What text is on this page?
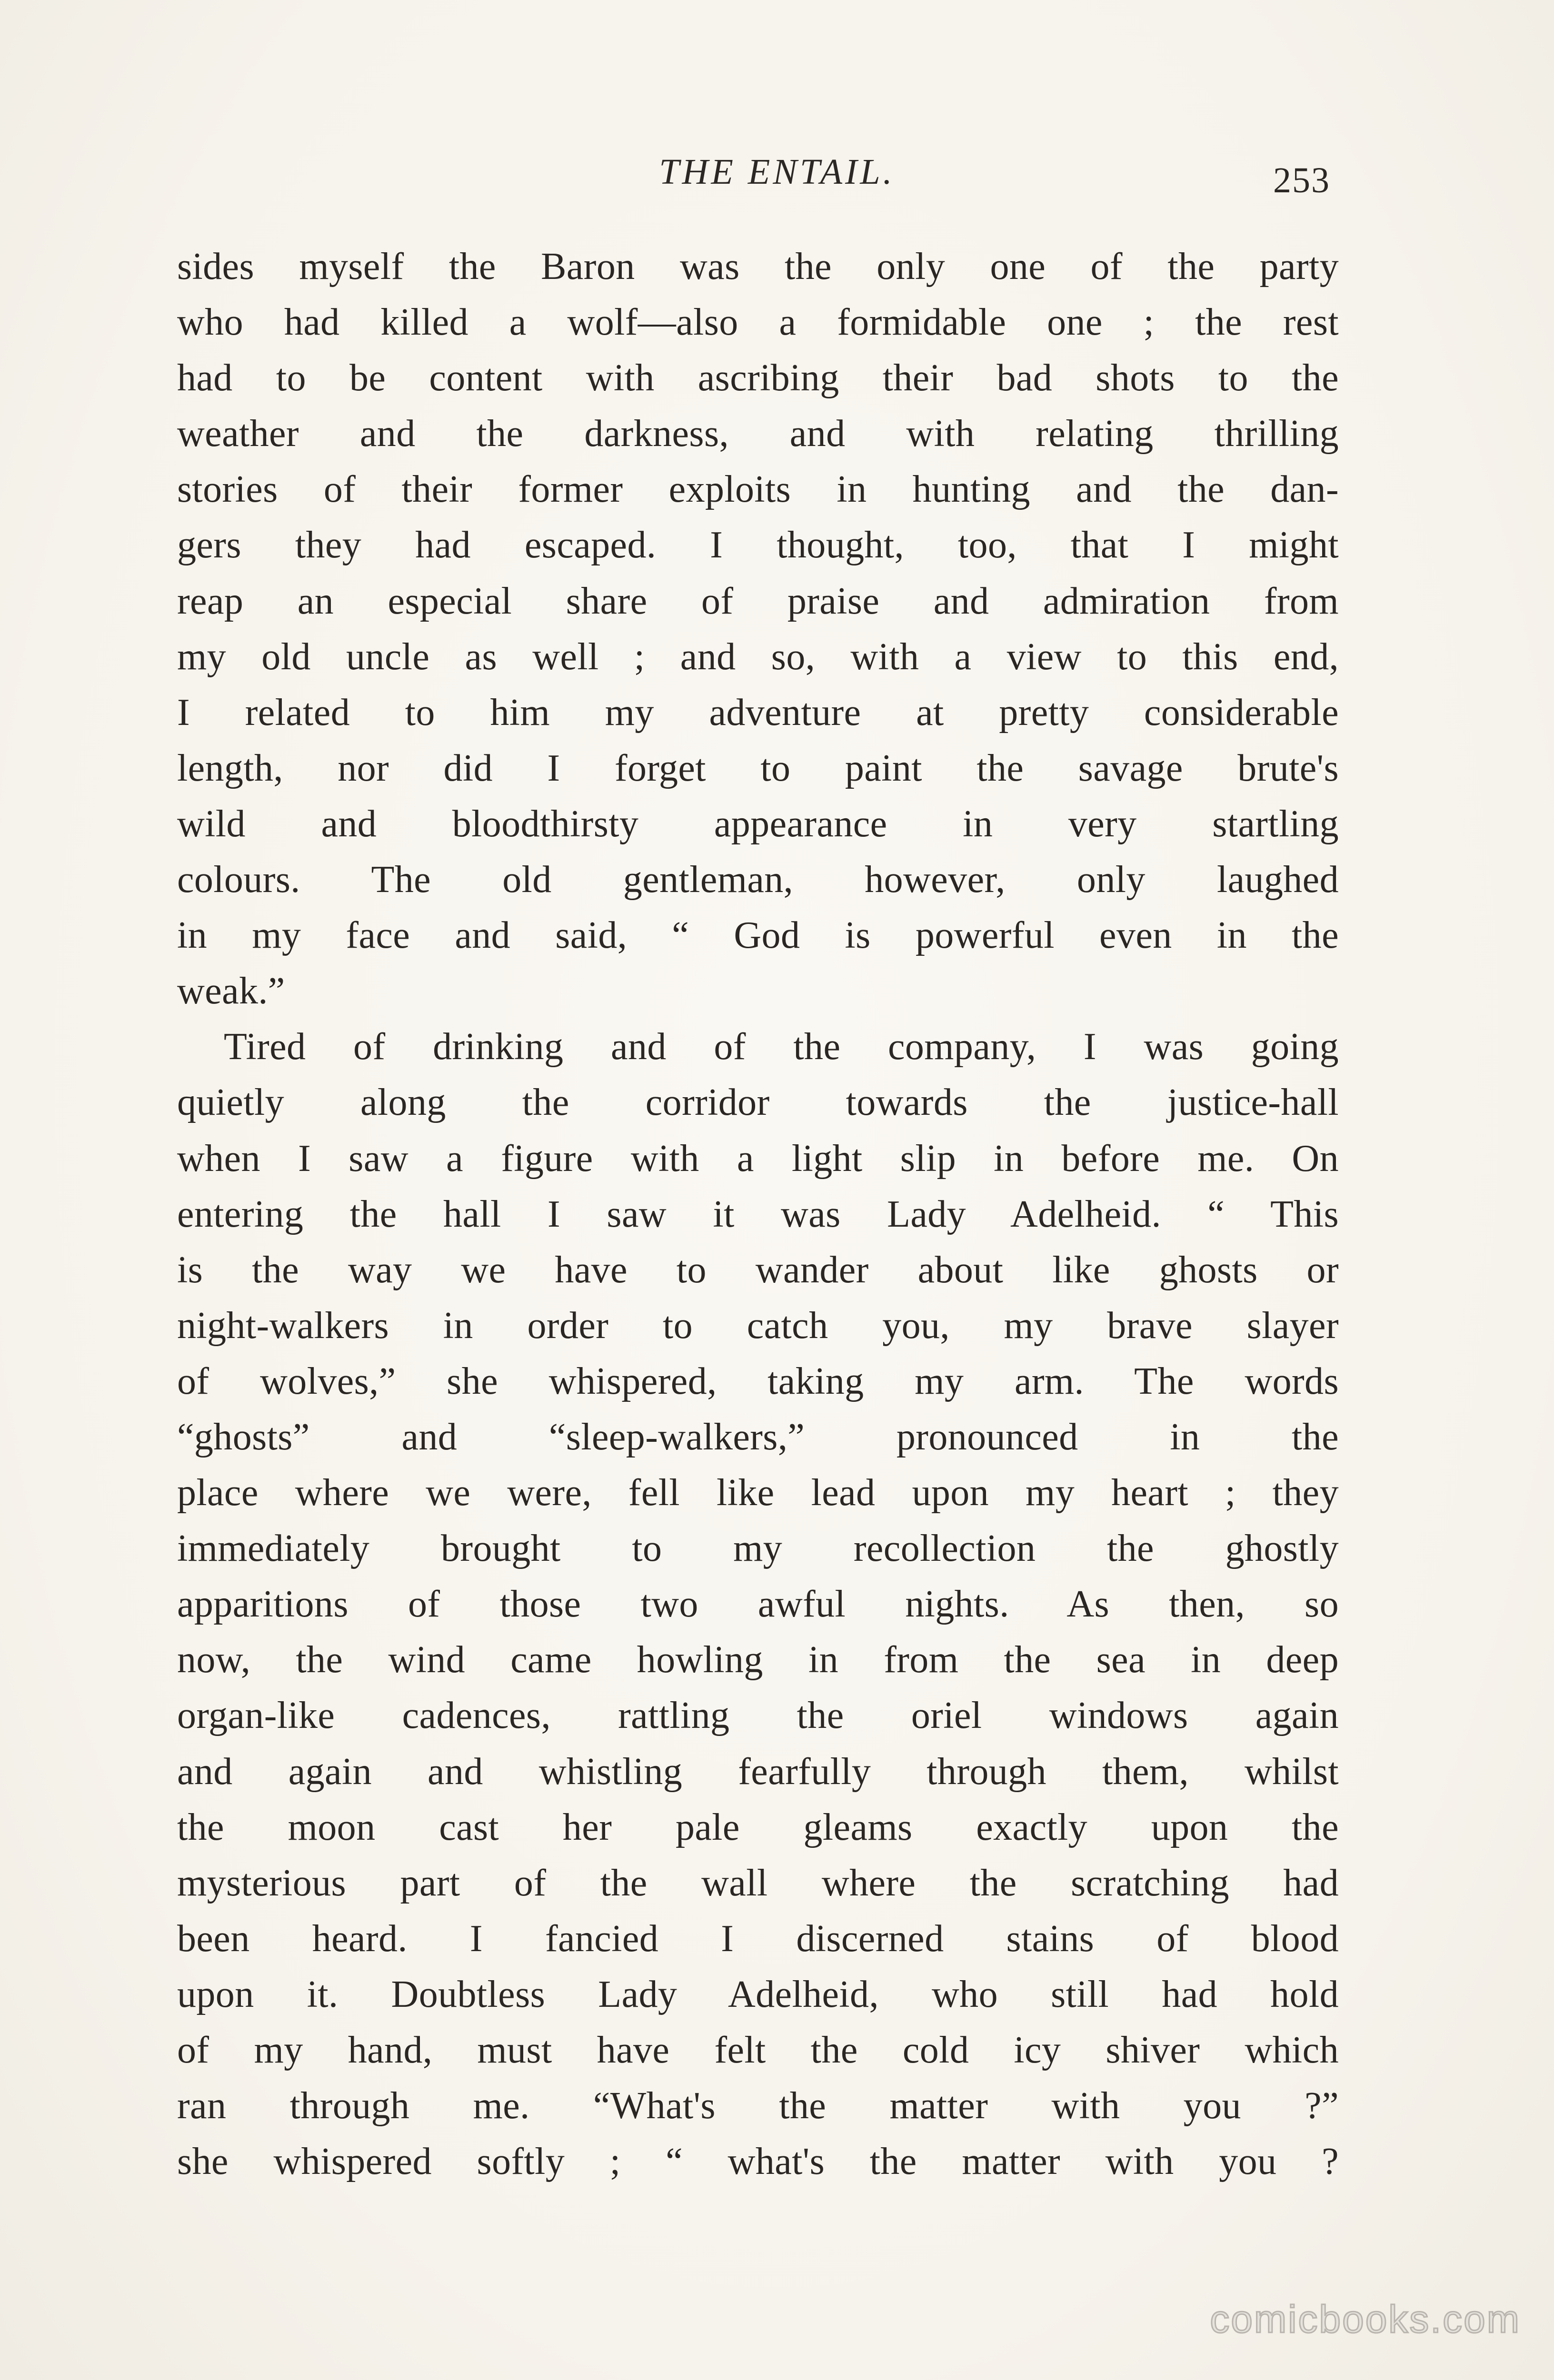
THE ENTAIL.	253
sides myself the Baron was the only one of the party
who had killed a wolf—also a formidable one ; the rest
had to be content with ascribing their bad shots to the
weather and the darkness, and with relating thrilling
stories of their former exploits in hunting and the dan-
gers they had escaped. I thought, too, that I might
reap an especial share of praise and admiration from
my old uncle as well ; and so, with a view to this end,
I related to him my adventure at pretty considerable
length, nor did I forget to paint the savage brute's
wild and bloodthirsty appearance in very startling
colours. The old gentleman, however, only laughed
in my face and said, “ God is powerful even in the
weak.”
Tired of drinking and of the company, I was going
quietly along the corridor towards the justice-hall
when I saw a figure with a light slip in before me. On
entering the hall I saw it was Lady Adelheid. “ This
is the way we have to wander about like ghosts or
night-walkers in order to catch you, my brave slayer
of wolves,” she whispered, taking my arm. The words
“ghosts” and “sleep-walkers,” pronounced in the
place where we were, fell like lead upon my heart ; they
immediately brought to my recollection the ghostly
apparitions of those two awful nights. As then, so
now, the wind came howling in from the sea in deep
organ-like cadences, rattling the oriel windows again
and again and whistling fearfully through them, whilst
the moon cast her pale gleams exactly upon the
mysterious part of the wall where the scratching had
been heard. I fancied I discerned stains of blood
upon it. Doubtless Lady Adelheid, who still had hold
of my hand, must have felt the cold icy shiver which
ran through me. “What's the matter with you ?”
she whispered softly ; “ what's the matter with you ?
comicbooks.com
